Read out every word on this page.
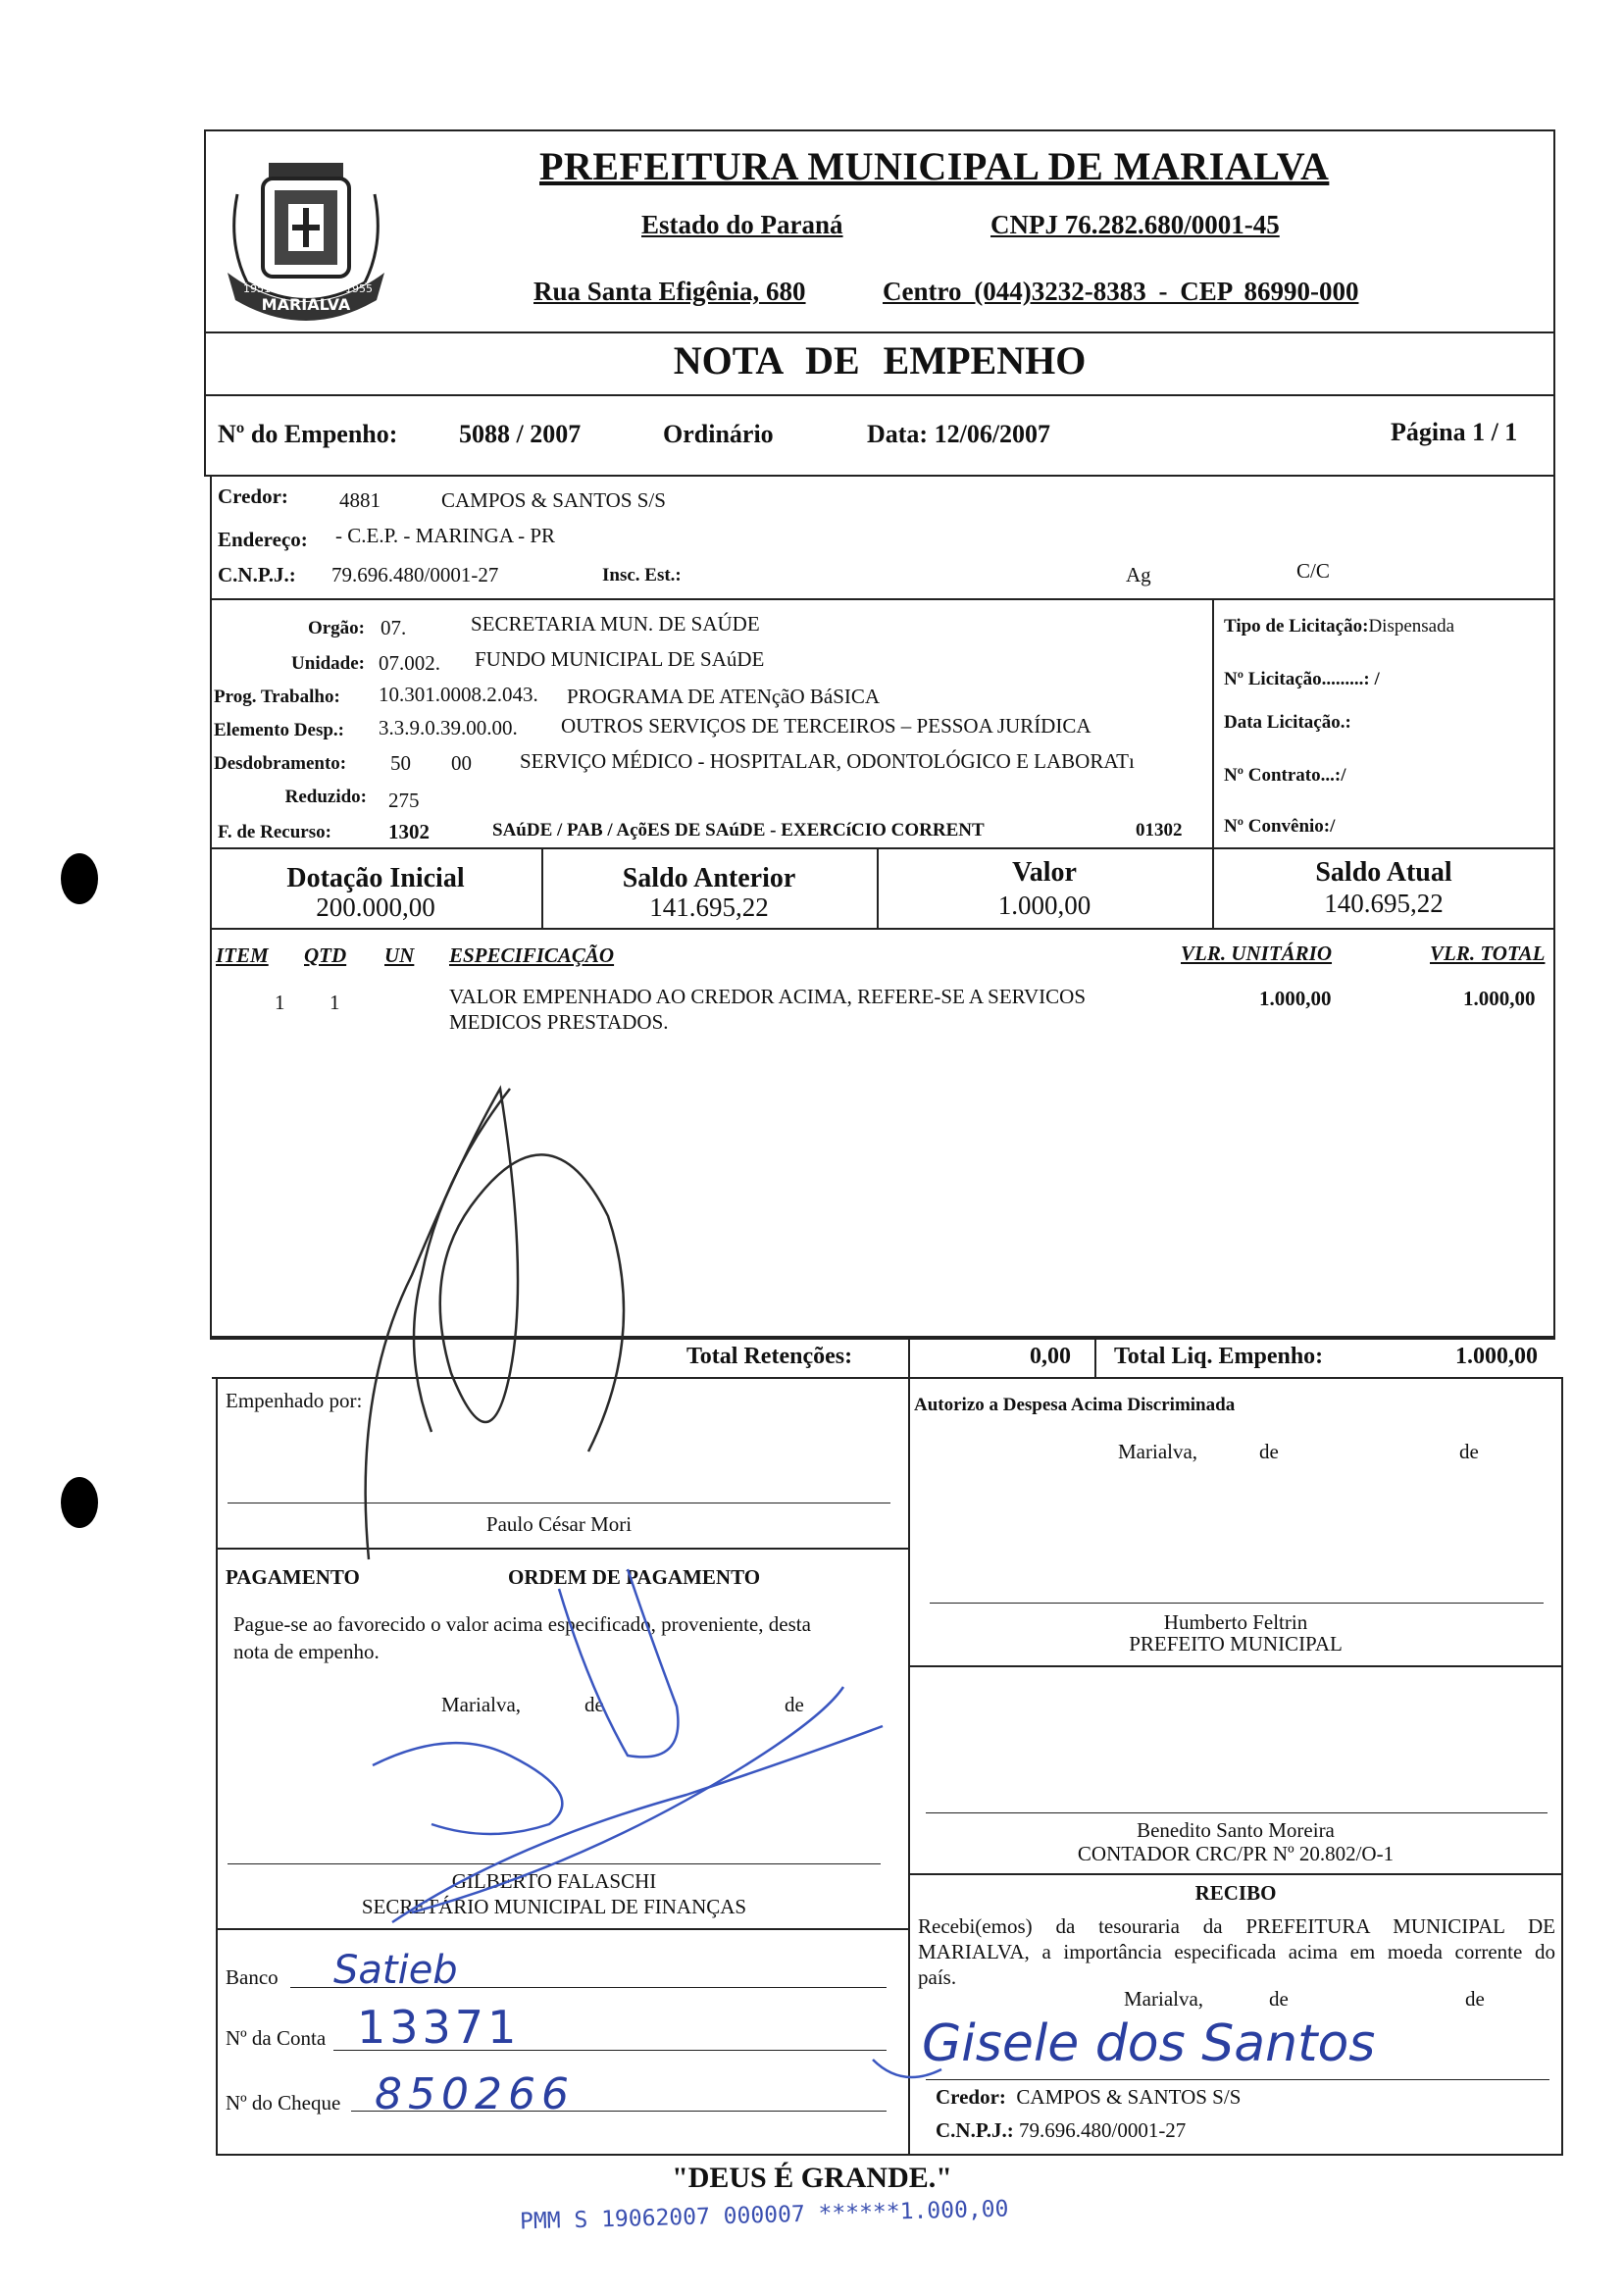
MARIALVA
1951	1955
PREFEITURA MUNICIPAL DE MARIALVA
Estado do Paraná	CNPJ 76.282.680/0001-45
Rua Santa Efigênia, 680	Centro (044)3232-8383 - CEP 86990-000
NOTA DE EMPENHO
Nº do Empenho: 5088 / 2007	Ordinário	Data: 12/06/2007	Página 1 / 1
Credor: 4881	CAMPOS & SANTOS S/S
Endereço: - C.E.P. - MARINGA - PR
C.N.P.J.: 79.696.480/0001-27	Insc. Est.:	Ag	C/C
Orgão: 07.	SECRETARIA MUN. DE SAÚDE
Unidade: 07.002. FUNDO MUNICIPAL DE SAúDE
Prog. Trabalho: 10.301.0008.2.043. PROGRAMA DE ATENçãO BáSICA
Elemento Desp.: 3.3.9.0.39.00.00. OUTROS SERVIÇOS DE TERCEIROS – PESSOA JURÍDICA
Desdobramento: 50 00 SERVIÇO MÉDICO - HOSPITALAR, ODONTOLÓGICO E LABORATı
Reduzido: 275
F. de Recurso:	1302	SAúDE / PAB / AçõES DE SAúDE - EXERCíCIO CORRENT	01302
Tipo de Licitação:Dispensada
Nº Licitação.........: /
Data Licitação.:
Nº Contrato...:/
Nº Convênio:/
Dotação Inicial
200.000,00
Saldo Anterior
141.695,22
Valor
1.000,00
Saldo Atual
140.695,22
ITEM QTD UN ESPECIFICAÇÃO	VLR. UNITÁRIO	VLR. TOTAL
1 1	VALOR EMPENHADO AO CREDOR ACIMA, REFERE-SE A SERVICOS
MEDICOS PRESTADOS.
1.000,00	1.000,00
Total Retenções:	0,00 Total Liq. Empenho:	1.000,00
Empenhado por:
Paulo César Mori
PAGAMENTO	ORDEM DE PAGAMENTO
Pague-se ao favorecido o valor acima especificado, proveniente, desta
nota de empenho.
Marialva,	de	de
GILBERTO FALASCHI
SECRETÁRIO MUNICIPAL DE FINANÇAS
Banco Satieb
Nº da Conta 13371
Nº do Cheque 850266
Autorizo a Despesa Acima Discriminada
Marialva,	de	de
Humberto Feltrin
PREFEITO MUNICIPAL
Benedito Santo Moreira
CONTADOR CRC/PR Nº 20.802/O-1
RECIBO
Recebi(emos) da tesouraria da PREFEITURA MUNICIPAL DE
MARIALVA, a importância especificada acima em moeda corrente do
país.
Marialva,	de	de
Gisele dos Santos
Credor: CAMPOS & SANTOS S/S
C.N.P.J.: 79.696.480/0001-27
"DEUS É GRANDE."
PMM S 19062007 000007 ******1.000,00
